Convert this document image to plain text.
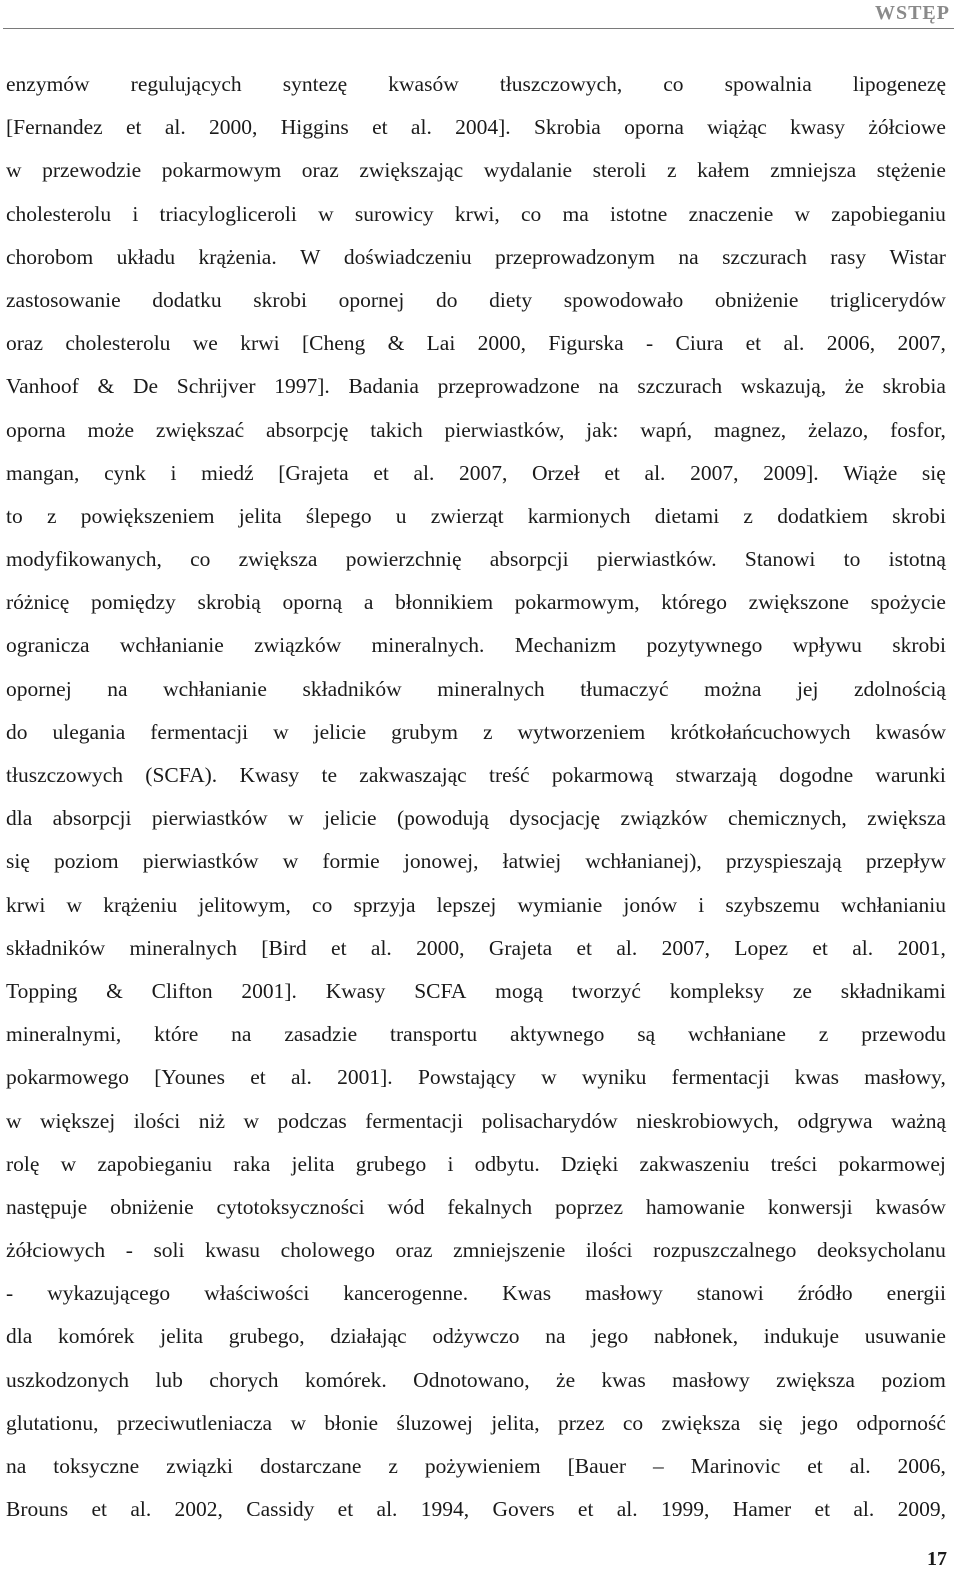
WSTĘP
enzymów regulujących syntezę kwasów tłuszczowych, co spowalnia lipogenezę
[Fernandez et al. 2000, Higgins et al. 2004]. Skrobia oporna wiążąc kwasy żółciowe
w przewodzie pokarmowym oraz zwiększając wydalanie steroli z kałem zmniejsza stężenie
cholesterolu i triacylogliceroli w surowicy krwi, co ma istotne znaczenie w zapobieganiu
chorobom układu krążenia. W doświadczeniu przeprowadzonym na szczurach rasy Wistar
zastosowanie dodatku skrobi opornej do diety spowodowało obniżenie triglicerydów
oraz cholesterolu we krwi [Cheng & Lai 2000, Figurska - Ciura et al. 2006, 2007,
Vanhoof & De Schrijver 1997]. Badania przeprowadzone na szczurach wskazują, że skrobia
oporna może zwiększać absorpcję takich pierwiastków, jak: wapń, magnez, żelazo, fosfor,
mangan, cynk i miedź [Grajeta et al. 2007, Orzeł et al. 2007, 2009]. Wiąże się
to z powiększeniem jelita ślepego u zwierząt karmionych dietami z dodatkiem skrobi
modyfikowanych, co zwiększa powierzchnię absorpcji pierwiastków. Stanowi to istotną
różnicę pomiędzy skrobią oporną a błonnikiem pokarmowym, którego zwiększone spożycie
ogranicza wchłanianie związków mineralnych. Mechanizm pozytywnego wpływu skrobi
opornej na wchłanianie składników mineralnych tłumaczyć można jej zdolnością
do ulegania fermentacji w jelicie grubym z wytworzeniem krótkołańcuchowych kwasów
tłuszczowych (SCFA). Kwasy te zakwaszając treść pokarmową stwarzają dogodne warunki
dla absorpcji pierwiastków w jelicie (powodują dysocjację związków chemicznych, zwiększa
się poziom pierwiastków w formie jonowej, łatwiej wchłanianej), przyspieszają przepływ
krwi w krążeniu jelitowym, co sprzyja lepszej wymianie jonów i szybszemu wchłanianiu
składników mineralnych [Bird et al. 2000, Grajeta et al. 2007, Lopez et al. 2001,
Topping & Clifton 2001]. Kwasy SCFA mogą tworzyć kompleksy ze składnikami
mineralnymi, które na zasadzie transportu aktywnego są wchłaniane z przewodu
pokarmowego [Younes et al. 2001]. Powstający w wyniku fermentacji kwas masłowy,
w większej ilości niż w podczas fermentacji polisacharydów nieskrobiowych, odgrywa ważną
rolę w zapobieganiu raka jelita grubego i odbytu. Dzięki zakwaszeniu treści pokarmowej
następuje obniżenie cytotoksyczności wód fekalnych poprzez hamowanie konwersji kwasów
żółciowych - soli kwasu cholowego oraz zmniejszenie ilości rozpuszczalnego deoksycholanu
- wykazującego właściwości kancerogenne. Kwas masłowy stanowi źródło energii
dla komórek jelita grubego, działając odżywczo na jego nabłonek, indukuje usuwanie
uszkodzonych lub chorych komórek. Odnotowano, że kwas masłowy zwiększa poziom
glutationu, przeciwutleniacza w błonie śluzowej jelita, przez co zwiększa się jego odporność
na toksyczne związki dostarczane z pożywieniem [Bauer – Marinovic et al. 2006,
Brouns et al. 2002, Cassidy et al. 1994, Govers et al. 1999, Hamer et al. 2009,
17
